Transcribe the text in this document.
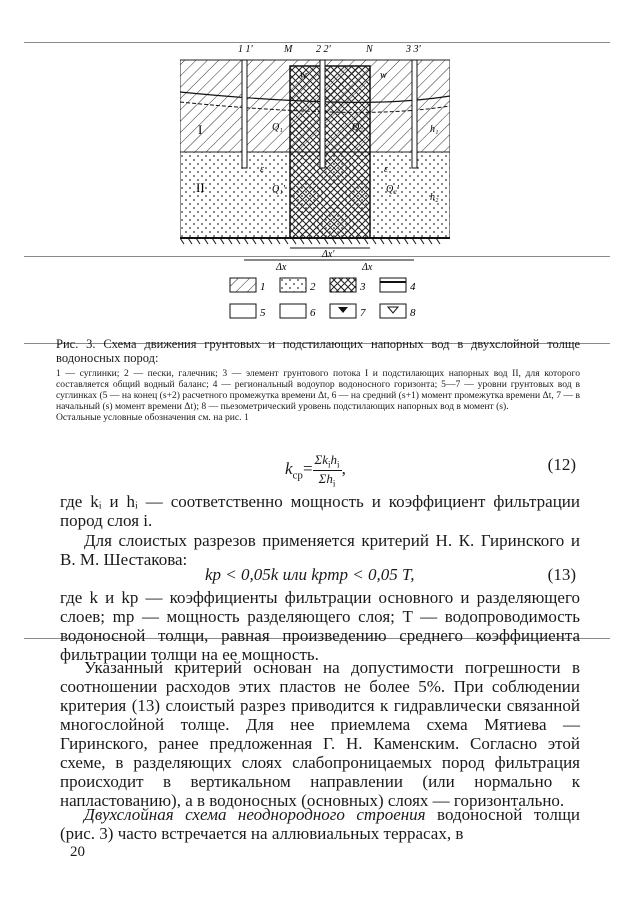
1 1'	M 2 2'	N	3 3'
I
II
Q₁	Q₂
Q₁'	Q₂'
h₁
h₂
ε	ε
w	w
Δx'
Δx	Δx
1	2	3	4
5	6	7	8
Рис. 3. Схема движения грунтовых и подстилающих напорных вод в двухслойной толще водоносных пород:
1 — суглинки; 2 — пески, галечник; 3 — элемент грунтового потока I и подстилающих напорных вод II, для которого составляется общий водный баланс; 4 — региональный водоупор водоносного горизонта; 5—7 — уровни грунтовых вод в суглинках (5 — на конец (s+2) расчетного промежутка времени Δt, 6 — на средний (s+1) момент промежутка времени Δt, 7 — в начальный (s) момент времени Δt); 8 — пьезометрический уровень подстилающих напорных вод в момент (s).
Остальные условные обозначения см. на рис. 1
$k_{ср}= \Sigma k_ih_i$
$\Sigma h_i$
,	(12)
где kᵢ и hᵢ — соответственно мощность и коэффициент фильтрации пород слоя i.
Для слоистых разрезов применяется критерий Н. К. Гиринского и В. М. Шестакова:
kр < 0,05k или kрmр < 0,05 T,	(13)
где k и kр — коэффициенты фильтрации основного и разделяющего слоев; mр — мощность разделяющего слоя; T — водопроводимость водоносной толщи, равная произведению среднего коэффициента фильтрации толщи на ее мощность.
Указанный критерий основан на допустимости погрешности в соотношении расходов этих пластов не более 5%. При соблюдении критерия (13) слоистый разрез приводится к гидравлически связанной многослойной толще. Для нее приемлема схема Мятиева — Гиринского, ранее предложенная Г. Н. Каменским. Согласно этой схеме, в разделяющих слоях слабопроницаемых пород фильтрация происходит в вертикальном направлении (или нормально к напластованию), а в водоносных (основных) слоях — горизонтально.
Двухслойная схема неоднородного строения водоносной толщи (рис. 3) часто встречается на аллювиальных террасах, в
20
